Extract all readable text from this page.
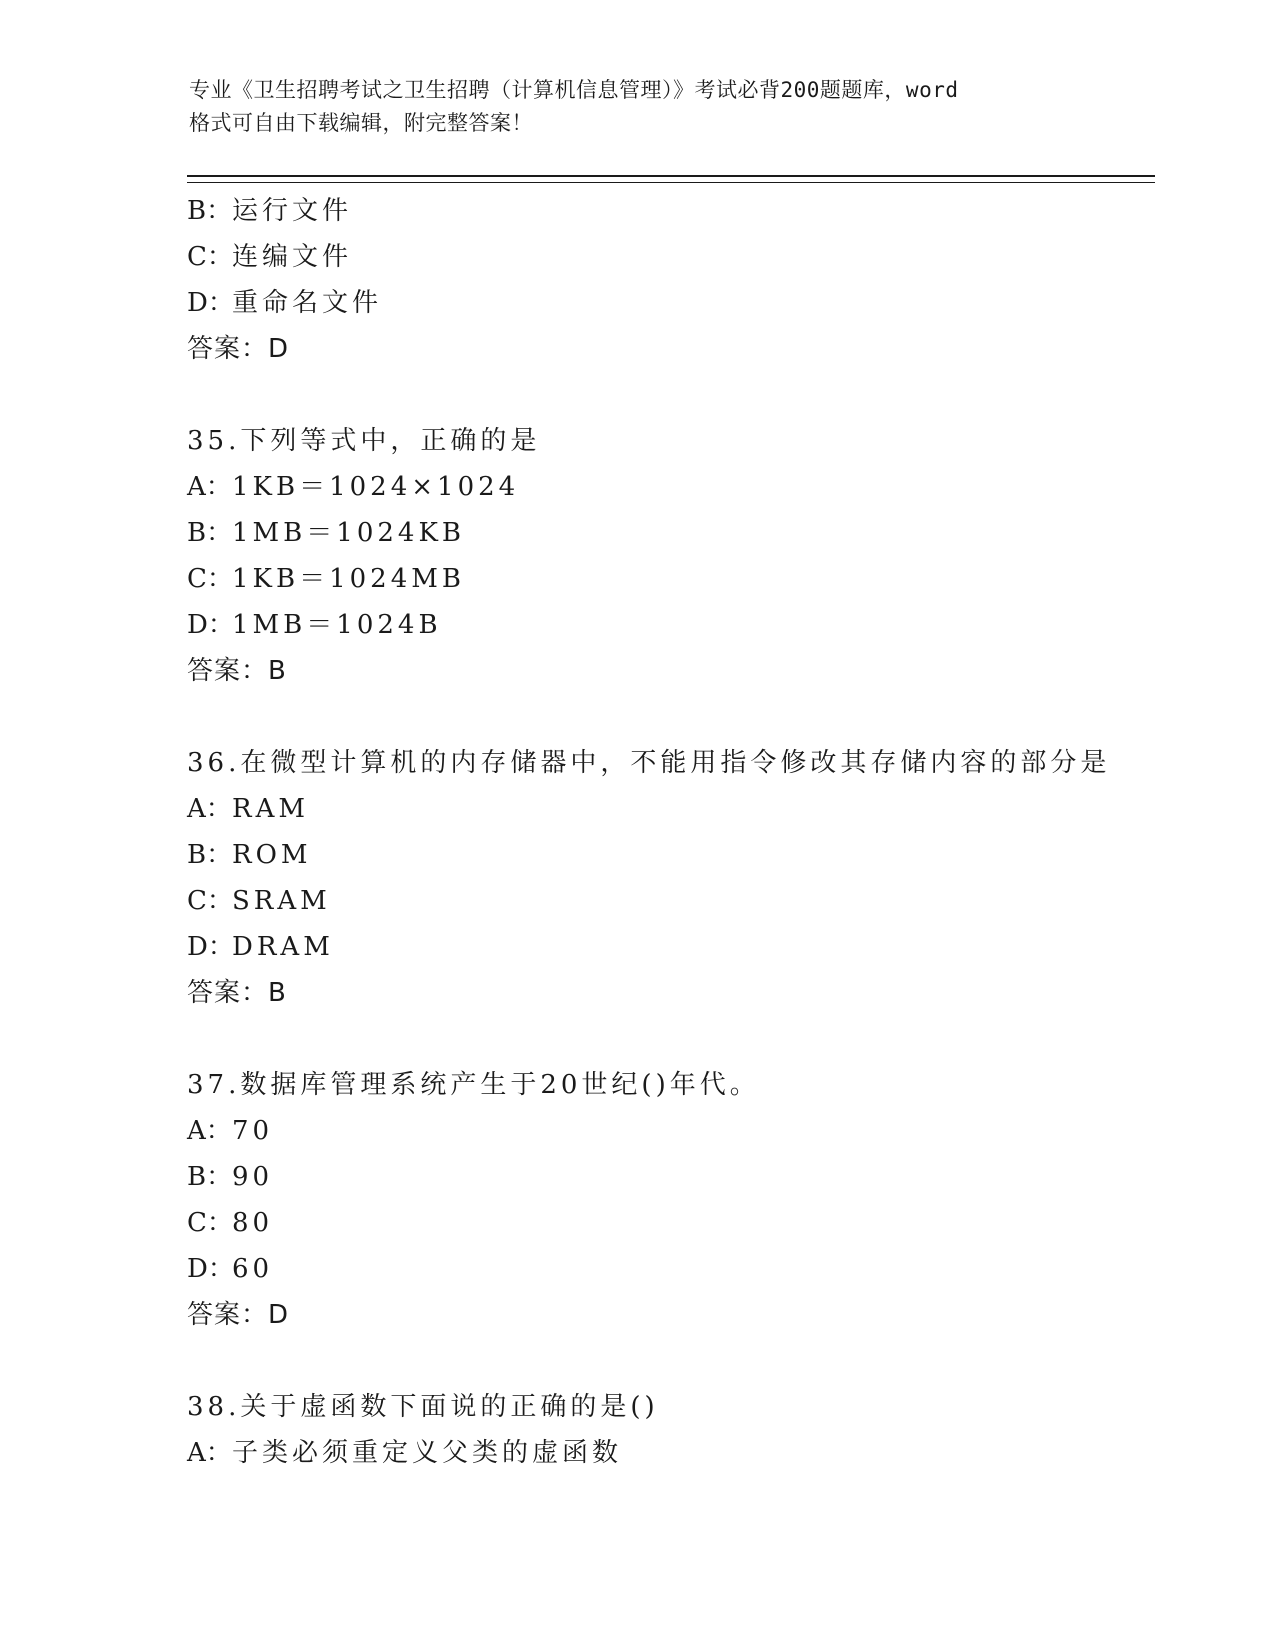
专业《卫生招聘考试之卫生招聘（计算机信息管理）》考试必背200题题库，word
格式可自由下载编辑，附完整答案！
B：运行文件
C：连编文件
D：重命名文件
答案：D
35.下列等式中，正确的是
A：1KB＝1024×1024
B：1MB＝1024KB
C：1KB＝1024MB
D：1MB＝1024B
答案：B
36.在微型计算机的内存储器中，不能用指令修改其存储内容的部分是
A：RAM
B：ROM
C：SRAM
D：DRAM
答案：B
37.数据库管理系统产生于20世纪()年代。
A：70
B：90
C：80
D：60
答案：D
38.关于虚函数下面说的正确的是()
A：子类必须重定义父类的虚函数
